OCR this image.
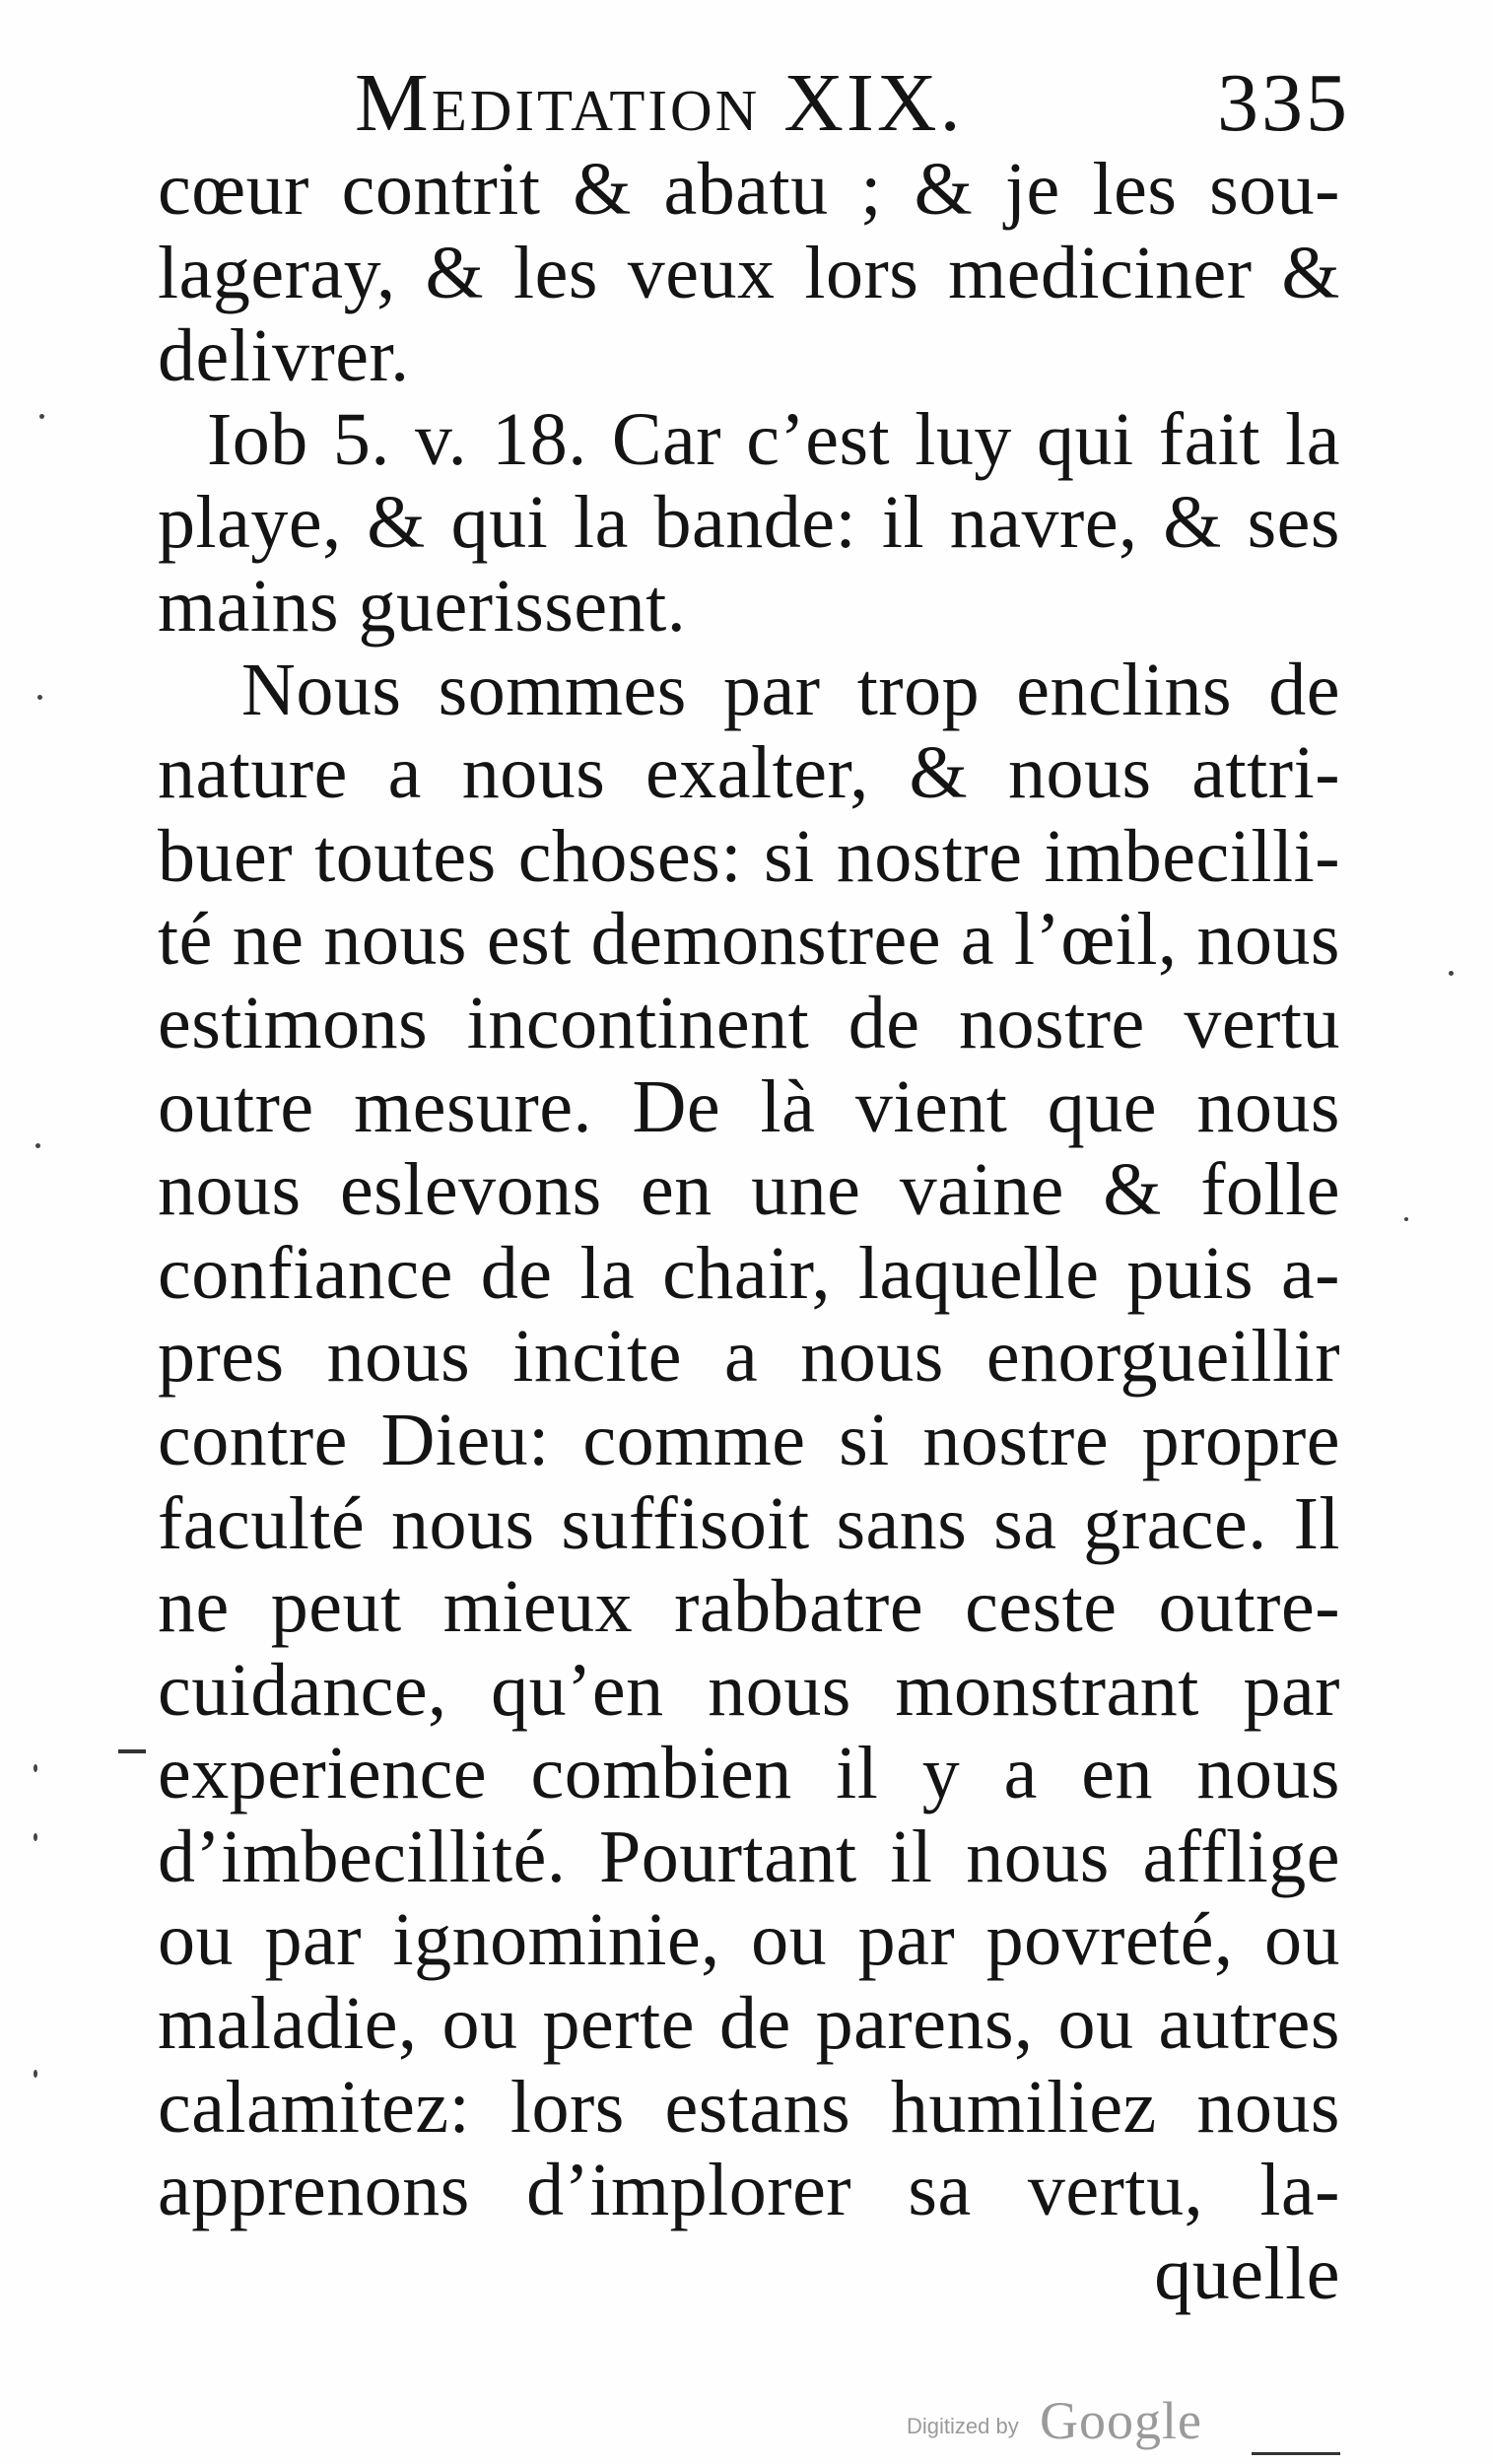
Meditation XIX.	335
cœur contrit & abatu ; & je les sou-
lageray, & les veux lors mediciner &
delivrer.
Iob 5. v. 18. Car c’est luy qui fait la
playe, & qui la bande: il navre, & ses
mains guerissent.
Nous sommes par trop enclins de
nature a nous exalter, & nous attri-
buer toutes choses: si nostre imbecilli-
té ne nous est demonstree a l’œil, nous
estimons incontinent de nostre vertu
outre mesure. De là vient que nous
nous eslevons en une vaine & folle
confiance de la chair, laquelle puis a-
pres nous incite a nous enorgueillir
contre Dieu: comme si nostre propre
faculté nous suffisoit sans sa grace. Il
ne peut mieux rabbatre ceste outre-
cuidance, qu’en nous monstrant par
experience combien il y a en nous
d’imbecillité. Pourtant il nous afflige
ou par ignominie, ou par povreté, ou
maladie, ou perte de parens, ou autres
calamitez: lors estans humiliez nous
apprenons d’implorer sa vertu, la-
quelle
Digitized by Google
